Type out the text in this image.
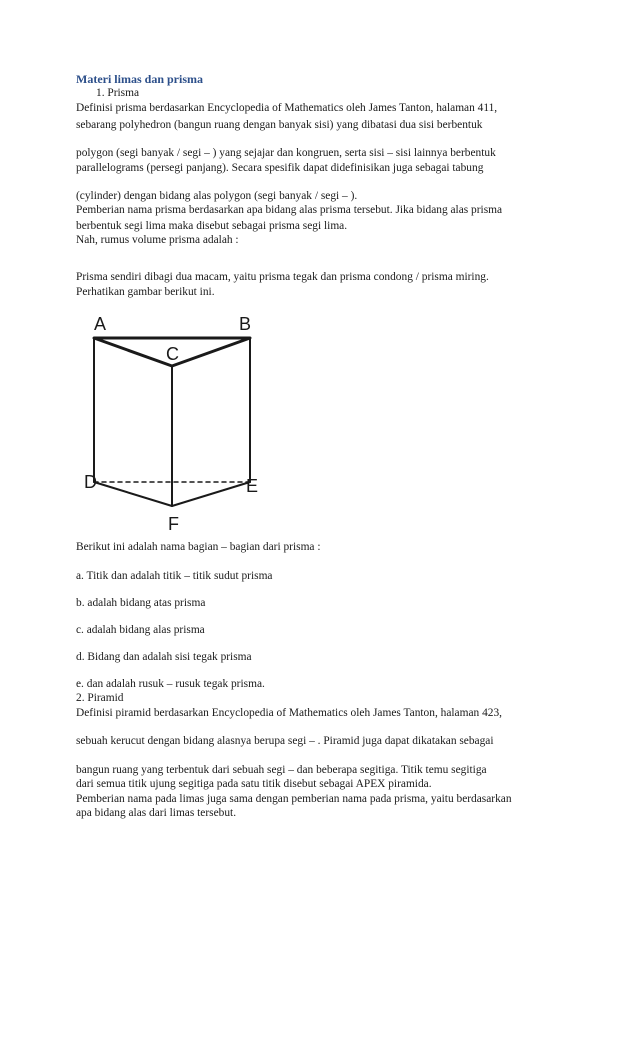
Materi limas dan prisma
1. Prisma
Definisi prisma berdasarkan Encyclopedia of Mathematics oleh James Tanton, halaman 411,
sebarang polyhedron (bangun ruang dengan banyak sisi) yang dibatasi dua sisi berbentuk
polygon (segi banyak / segi – ) yang sejajar dan kongruen, serta sisi – sisi lainnya berbentuk
parallelograms (persegi panjang). Secara spesifik dapat didefinisikan juga sebagai tabung
(cylinder) dengan bidang alas polygon (segi banyak / segi – ).
Pemberian nama prisma berdasarkan apa bidang alas prisma tersebut. Jika bidang alas prisma
berbentuk segi lima maka disebut sebagai prisma segi lima.
Nah, rumus volume prisma adalah :
Prisma sendiri dibagi dua macam, yaitu prisma tegak dan prisma condong / prisma miring.
Perhatikan gambar berikut ini.
A	B
C
D	E
F
Berikut ini adalah nama bagian – bagian dari prisma :
a. Titik dan adalah titik – titik sudut prisma
b. adalah bidang atas prisma
c. adalah bidang alas prisma
d. Bidang dan adalah sisi tegak prisma
e. dan adalah rusuk – rusuk tegak prisma.
2. Piramid
Definisi piramid berdasarkan Encyclopedia of Mathematics oleh James Tanton, halaman 423,
sebuah kerucut dengan bidang alasnya berupa segi – . Piramid juga dapat dikatakan sebagai
bangun ruang yang terbentuk dari sebuah segi – dan beberapa segitiga. Titik temu segitiga
dari semua titik ujung segitiga pada satu titik disebut sebagai APEX piramida.
Pemberian nama pada limas juga sama dengan pemberian nama pada prisma, yaitu berdasarkan
apa bidang alas dari limas tersebut.
